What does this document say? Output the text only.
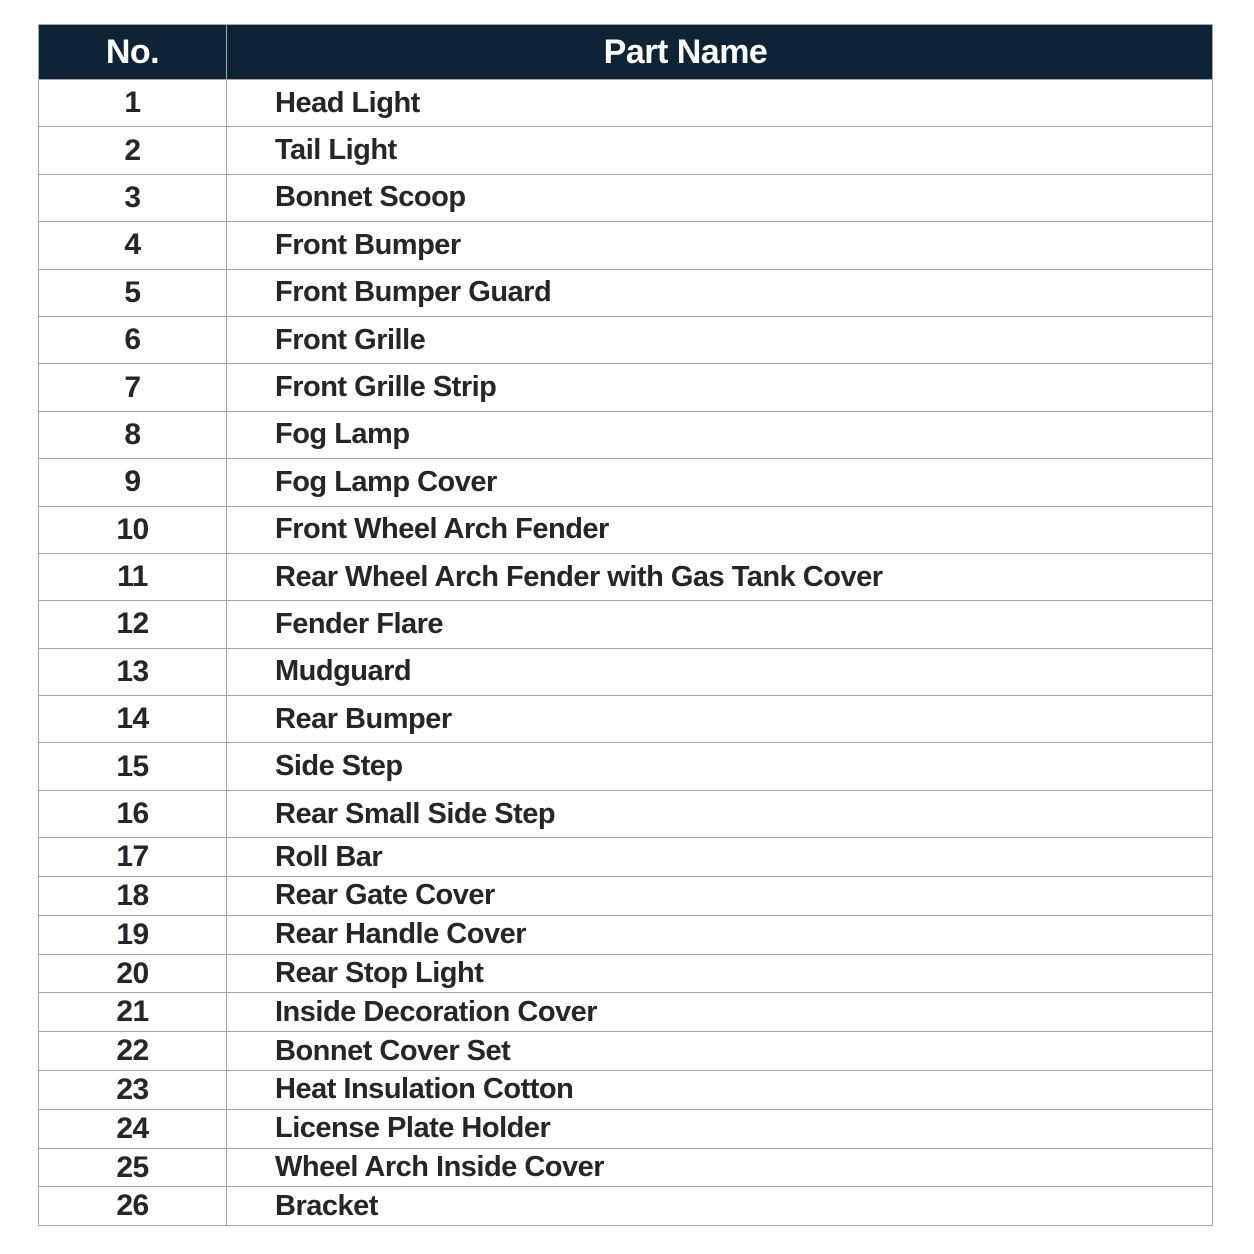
No.	Part Name
1	Head Light
2	Tail Light
3	Bonnet Scoop
4	Front Bumper
5	Front Bumper Guard
6	Front Grille
7	Front Grille Strip
8	Fog Lamp
9	Fog Lamp Cover
10	Front Wheel Arch Fender
11	Rear Wheel Arch Fender with Gas Tank Cover
12	Fender Flare
13	Mudguard
14	Rear Bumper
15	Side Step
16	Rear Small Side Step
17	Roll Bar
18	Rear Gate Cover
19	Rear Handle Cover
20	Rear Stop Light
21	Inside Decoration Cover
22	Bonnet Cover Set
23	Heat Insulation Cotton
24	License Plate Holder
25	Wheel Arch Inside Cover
26	Bracket
